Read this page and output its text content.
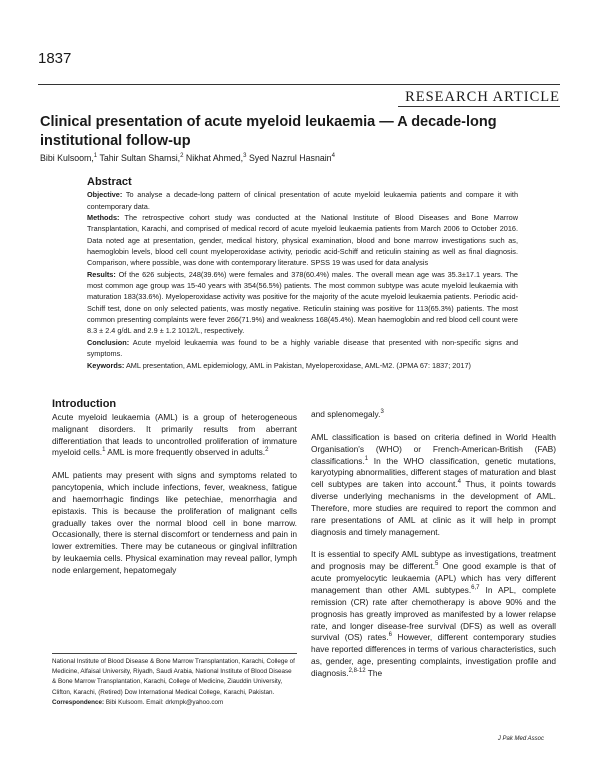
1837
RESEARCH ARTICLE
Clinical presentation of acute myeloid leukaemia — A decade-long institutional follow-up
Bibi Kulsoom,$^1$ Tahir Sultan Shamsi,$^2$ Nikhat Ahmed,$^3$ Syed Nazrul Hasnain$^4$
Abstract

Objective: To analyse a decade-long pattern of clinical presentation of acute myeloid leukaemia patients and compare it with contemporary data.

Methods: The retrospective cohort study was conducted at the National Institute of Blood Diseases and Bone Marrow Transplantation, Karachi, and comprised of medical record of acute myeloid leukaemia patients from March 2006 to October 2016. Data noted age at presentation, gender, medical history, physical examination, blood and bone marrow investigations such as, haemoglobin levels, blood cell count myeloperoxidase activity, periodic acid-Schiff and reticulin staining as well as final diagnosis. Comparison, where possible, was done with contemporary literature. SPSS 19 was used for data analysis

Results: Of the 626 subjects, 248(39.6%) were females and 378(60.4%) males. The overall mean age was 35.3±17.1 years. The most common age group was 15-40 years with 354(56.5%) patients. The most common subtype was acute myeloid leukaemia with maturation 183(33.6%). Myeloperoxidase activity was positive for the majority of the acute myeloid leukaemia patients. Periodic acid-Schiff test, done on only selected patients, was mostly negative. Reticulin staining was positive for 113(65.3%) patients. The most common presenting complaints were fever 266(71.9%) and weakness 168(45.4%). Mean haemoglobin and red blood cell count were 8.3 ± 2.4 g/dL and 2.9 ± 1.2 1012/L, respectively.

Conclusion: Acute myeloid leukaemia was found to be a highly variable disease that presented with non-specific signs and symptoms.

Keywords: AML presentation, AML epidemiology, AML in Pakistan, Myeloperoxidase, AML-M2. (JPMA 67: 1837; 2017)

Introduction

Acute myeloid leukaemia (AML) is a group of heterogeneous malignant disorders. It primarily results from aberrant differentiation that leads to uncontrolled proliferation of immature myeloid cells.$^1$ AML is more frequently observed in adults.$^2$

AML patients may present with signs and symptoms related to pancytopenia, which include infections, fever, weakness, fatigue and haemorrhagic findings like petechiae, menorrhagia and epistaxis. This is because the proliferation of malignant cells gradually takes over the normal blood cell in bone marrow. Occasionally, there is sternal discomfort or tenderness and pain in lower extremities. There may be cutaneous or gingival infiltration by leukaemia cells. Physical examination may reveal pallor, lymph node enlargement, hepatomegaly

and splenomegaly.$^3$

AML classification is based on criteria defined in World Health Organisation's (WHO) or French-American-British (FAB) classifications.$^1$ In the WHO classification, genetic mutations, karyotyping abnormalities, different stages of maturation and blast cell subtypes are taken into account.$^4$ Thus, it points towards diverse underlying mechanisms in the development of AML. Therefore, more studies are required to report the common and rare presentations of AML at clinic as it will help in prompt diagnosis and timely management.

It is essential to specify AML subtype as investigations, treatment and prognosis may be different.$^5$ One good example is that of acute promyelocytic leukaemia (APL) which has very different management than other AML subtypes.$^{6,7}$ In APL, complete remission (CR) rate after chemotherapy is above 90% and the prognosis has greatly improved as manifested by a lower relapse rate, and longer disease-free survival (DFS) as well as overall survival (OS) rates.$^6$ However, different contemporary studies have reported differences in terms of various characteristics, such as, gender, age, presenting complaints, investigation profile and diagnosis.$^{2,8-12}$ The

National Institute of Blood Disease & Bone Marrow Transplantation, Karachi, College of Medicine, Alfaisal University, Riyadh, Saudi Arabia, National Institute of Blood Disease & Bone Marrow Transplantation, Karachi, College of Medicine, Ziauddin University, Clifton, Karachi, (Retired) Dow International Medical College, Karachi, Pakistan.

Correspondence: Bibi Kulsoom. Email: drkmpk@yahoo.com

J Pak Med Assoc
